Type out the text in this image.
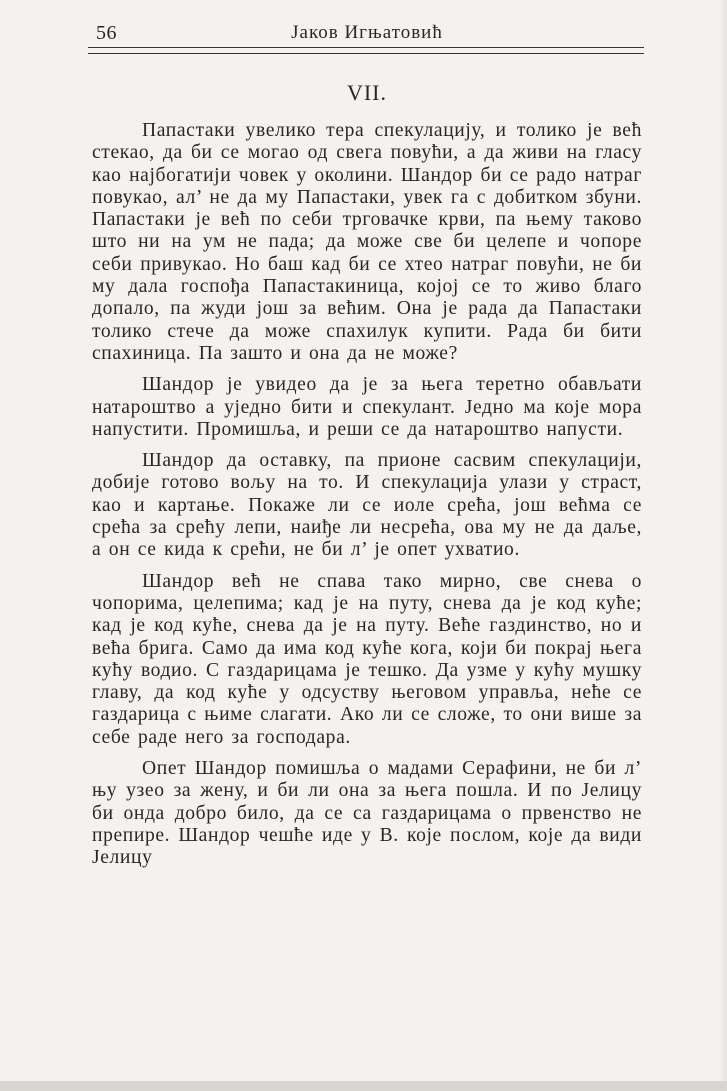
56	Јаков Игњатовић
VII.

Папастаки увелико тера спекулацију, и толико је већ стекао, да би се могао од свега повући, а да живи на гласу као најбогатији човек у околини. Шандор би се радо натраг повукао, ал’ не да му Папастаки, увек га с добитком збуни. Папастаки је већ по себи трговачке крви, па њему таково што ни на ум не пада; да може све би целепе и чопоре себи привукао. Но баш кад би се хтео натраг повући, не би му дала госпођа Папастакиница, којој се то живо благо допало, па жуди још за већим. Она је рада да Папастаки толико стече да може спахилук купити. Рада би бити спахиница. Па зашто и она да не може?

Шандор је увидео да је за њега теретно обављати натароштво а уједно бити и спекулант. Једно ма које мора напустити. Промишља, и реши се да натароштво напусти.

Шандор да оставку, па прионе сасвим спекулацији, добије готово вољу на то. И спекулација улази у страст, као и картање. Покаже ли се иоле срећа, још већма се срећа за срећу лепи, наиђе ли несрећа, ова му не да даље, а он се кида к срећи, не би л’ је опет ухватио.

Шандор већ не спава тако мирно, све снева о чопорима, целепима; кад је на путу, снева да је код куће; кад је код куће, снева да је на путу. Веће газдинство, но и већа брига. Само да има код куће кога, који би покрај њега кућу водио. С газдарицама је тешко. Да узме у кућу мушку главу, да код куће у одсуству његовом управља, неће се газдарица с њиме слагати. Ако ли се сложе, то они више за себе раде него за господара.

Опет Шандор помишља о мадами Серафини, не би л’ њу узео за жену, и би ли она за њега пошла. И по Јелицу би онда добро било, да се са газдарицама о првенство не препире. Шандор чешће иде у В. које послом, које да види Јелицу
